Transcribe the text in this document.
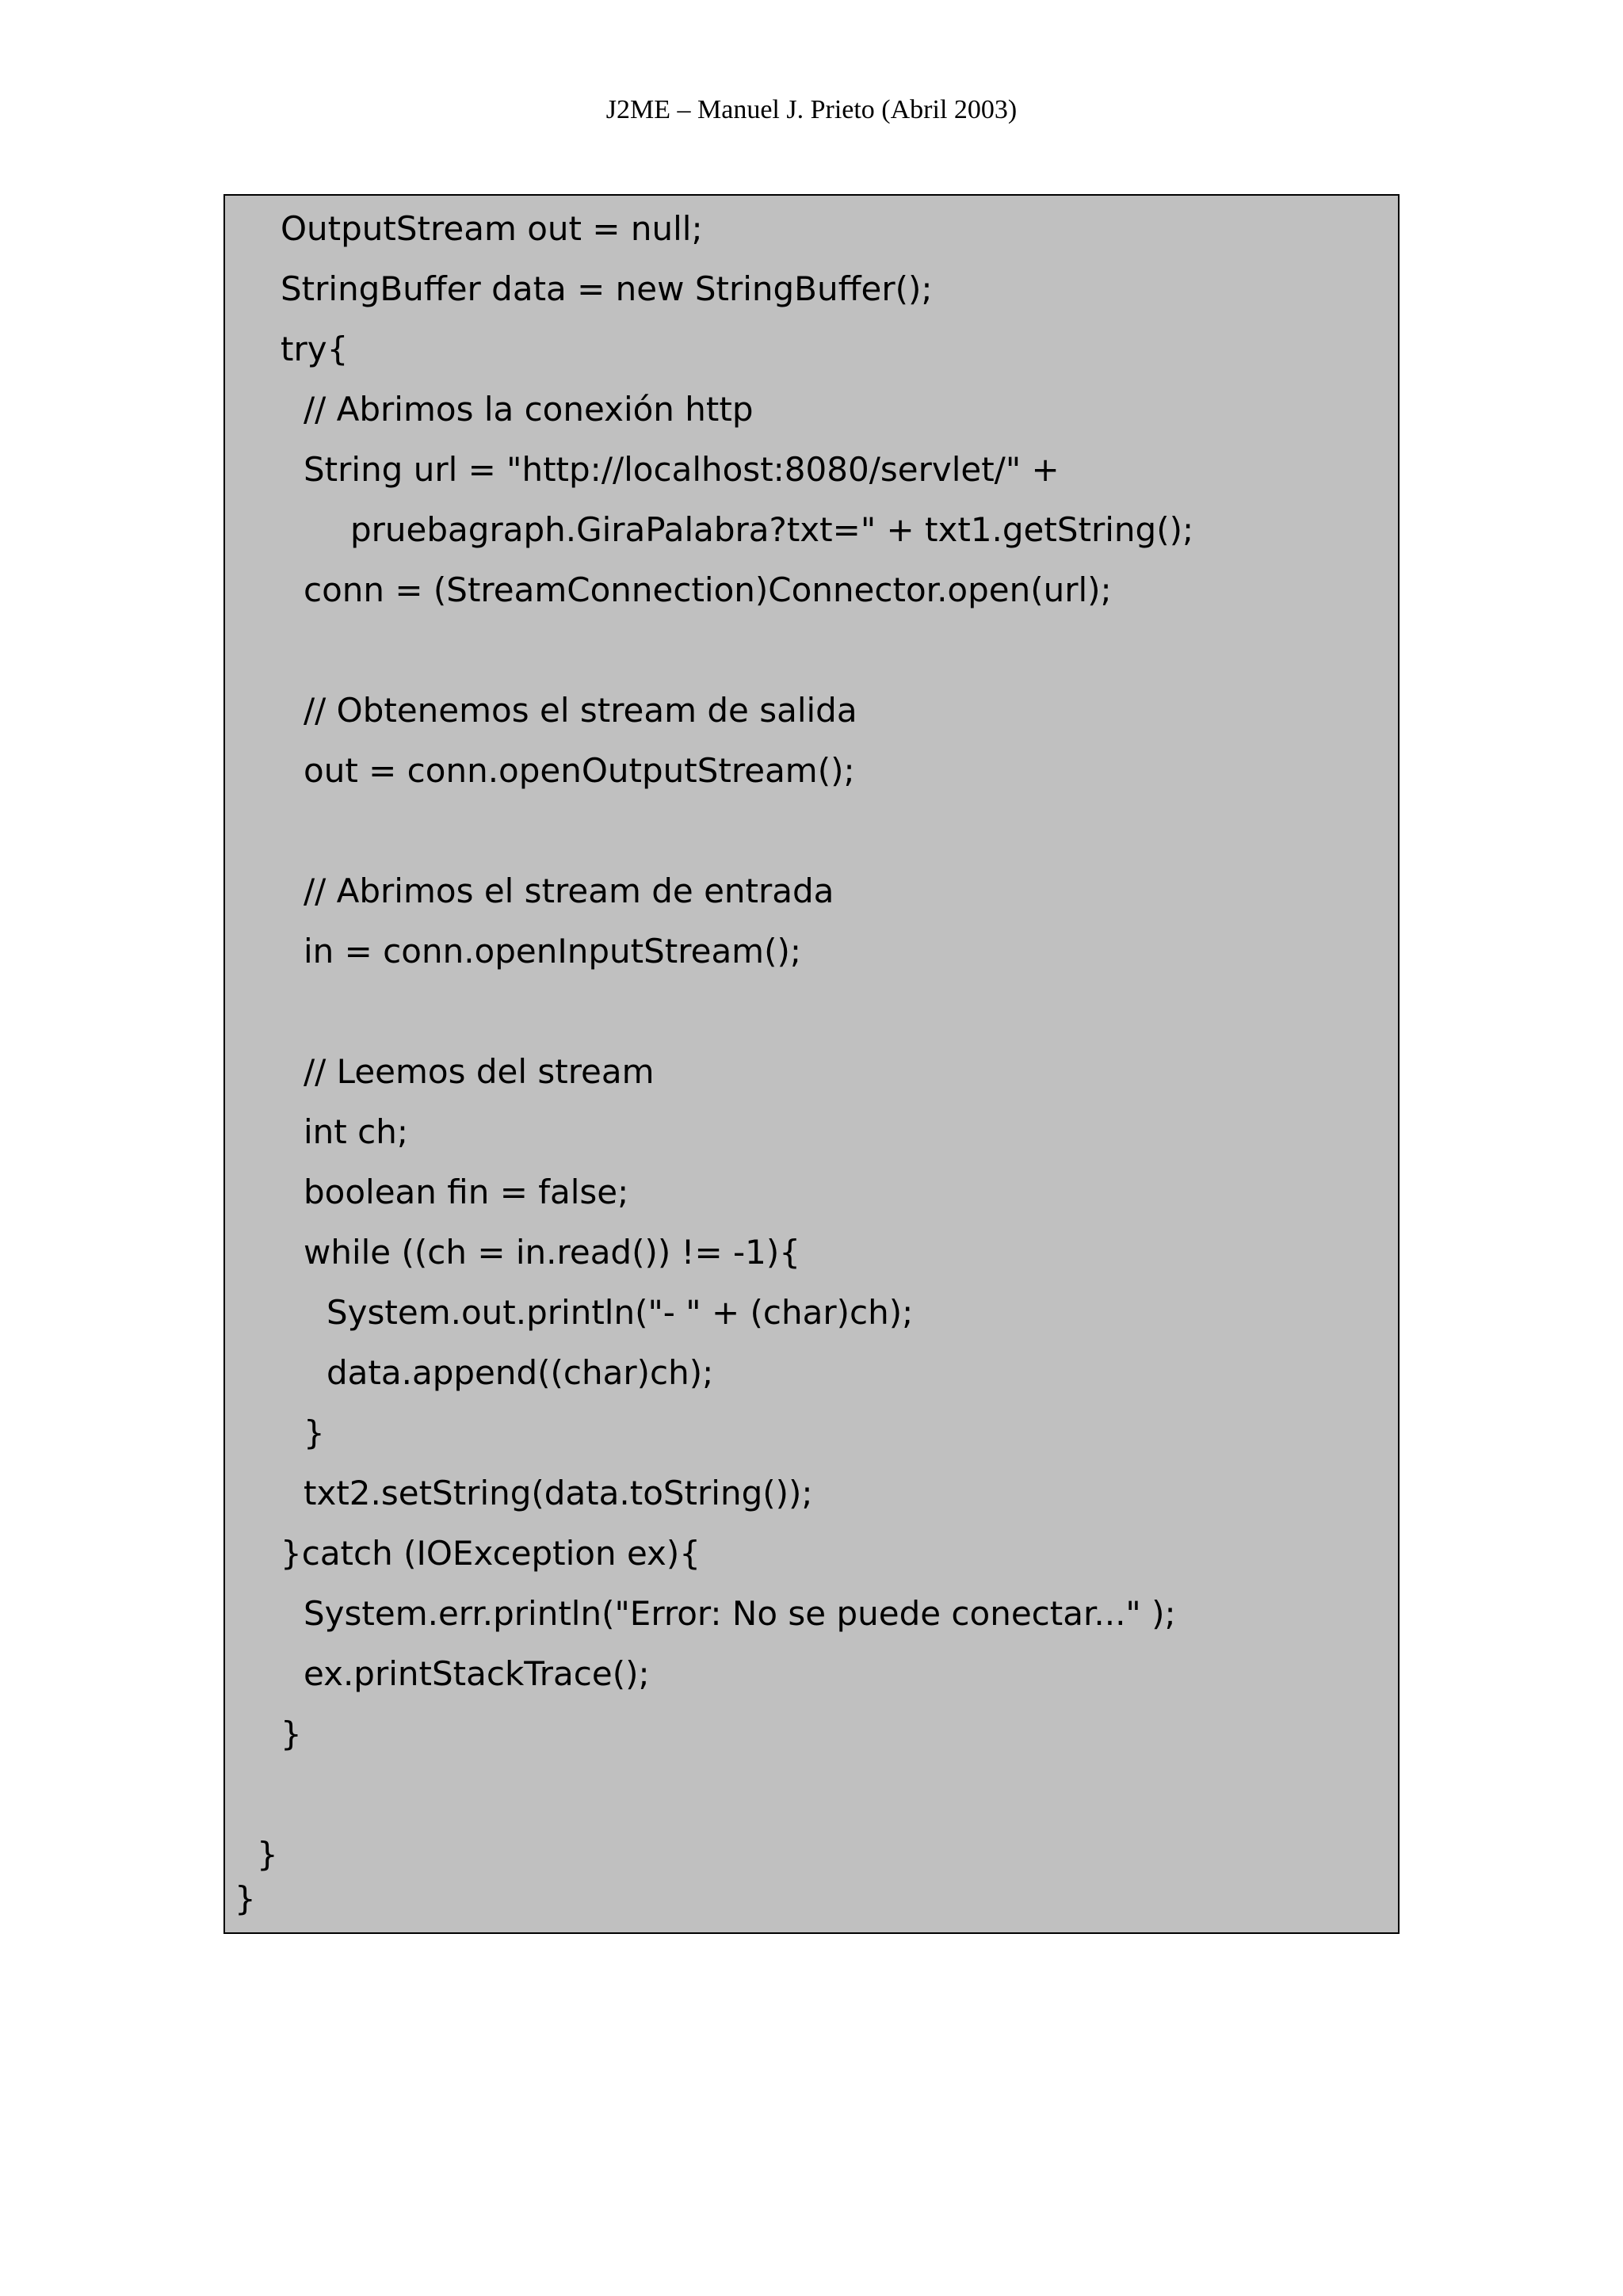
J2ME – Manuel J. Prieto (Abril 2003)
OutputStream out = null;
StringBuffer data = new StringBuffer();
try{
// Abrimos la conexión http
String url = "http://localhost:8080/servlet/" +
pruebagraph.GiraPalabra?txt=" + txt1.getString();
conn = (StreamConnection)Connector.open(url);
// Obtenemos el stream de salida
out = conn.openOutputStream();
// Abrimos el stream de entrada
in = conn.openInputStream();
// Leemos del stream
int ch;
boolean fin = false;
while ((ch = in.read()) != -1){
System.out.println("- " + (char)ch);
data.append((char)ch);
}
txt2.setString(data.toString());
}catch (IOException ex){
System.err.println("Error: No se puede conectar..." );
ex.printStackTrace();
}
}
}
